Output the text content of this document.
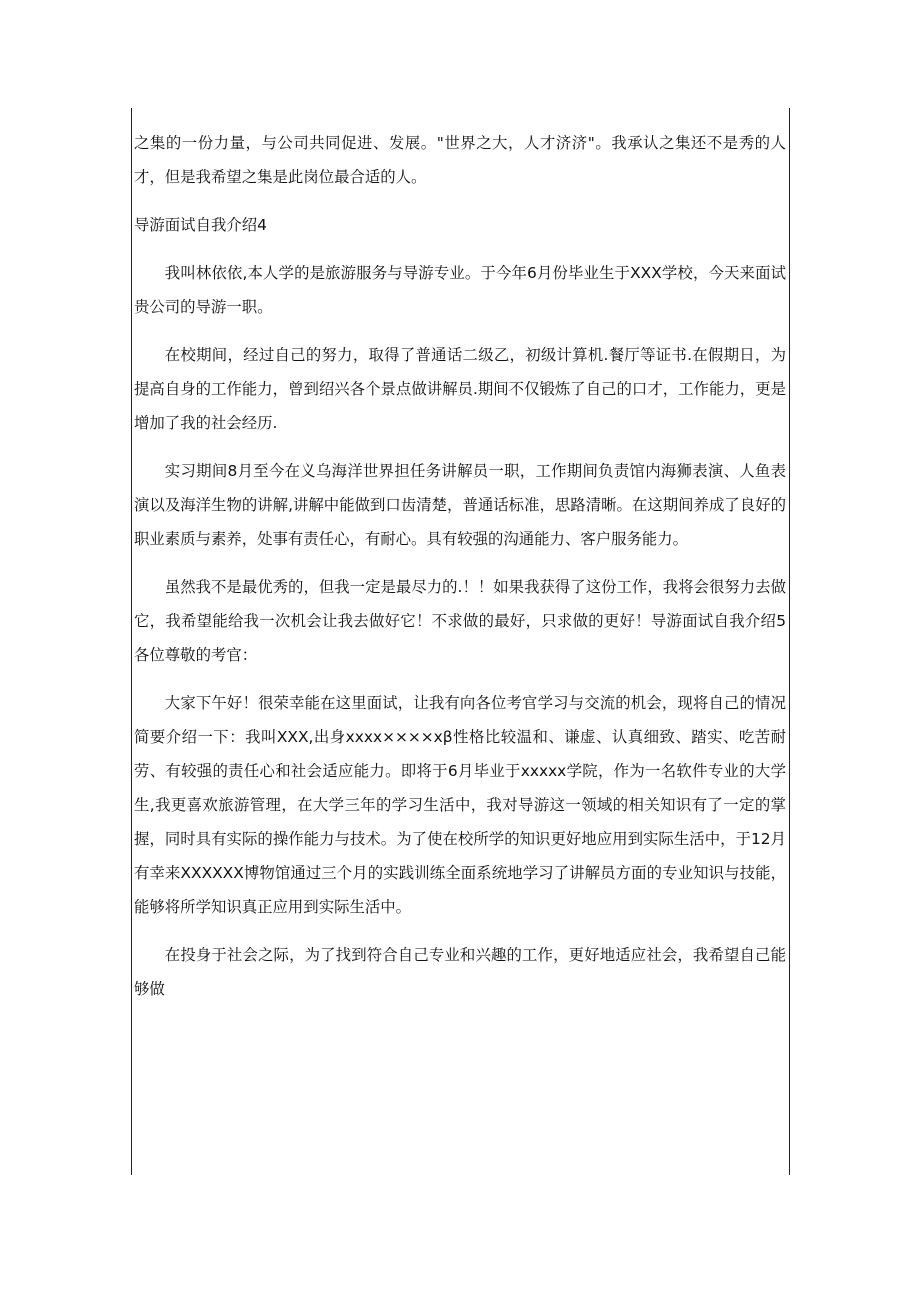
之集的一份力量，与公司共同促进、发展。"世界之大，人才济济"。我承认之集还不是秀的人才，但是我希望之集是此岗位最合适的人。

导游面试自我介绍4

我叫林依依,本人学的是旅游服务与导游专业。于今年6月份毕业生于XXX学校，今天来面试贵公司的导游一职。

在校期间，经过自己的努力，取得了普通话二级乙，初级计算机.餐厅等证书.在假期日，为提高自身的工作能力，曾到绍兴各个景点做讲解员.期间不仅锻炼了自己的口才，工作能力，更是增加了我的社会经历.

实习期间8月至今在义乌海洋世界担任务讲解员一职，工作期间负责馆内海狮表演、人鱼表演以及海洋生物的讲解,讲解中能做到口齿清楚，普通话标准，思路清晰。在这期间养成了良好的职业素质与素养，处事有责任心，有耐心。具有较强的沟通能力、客户服务能力。

虽然我不是最优秀的，但我一定是最尽力的.！！如果我获得了这份工作，我将会很努力去做它，我希望能给我一次机会让我去做好它！不求做的最好，只求做的更好！导游面试自我介绍5各位尊敬的考官：

大家下午好！很荣幸能在这里面试，让我有向各位考官学习与交流的机会，现将自己的情况简要介绍一下：我叫XXX,出身xxxx××××xβ性格比较温和、谦虚、认真细致、踏实、吃苦耐劳、有较强的责任心和社会适应能力。即将于6月毕业于xxxxx学院，作为一名软件专业的大学生,我更喜欢旅游管理，在大学三年的学习生活中，我对导游这一领域的相关知识有了一定的掌握，同时具有实际的操作能力与技术。为了使在校所学的知识更好地应用到实际生活中，于12月有幸来XXXXXX博物馆通过三个月的实践训练全面系统地学习了讲解员方面的专业知识与技能，能够将所学知识真正应用到实际生活中。

在投身于社会之际，为了找到符合自己专业和兴趣的工作，更好地适应社会，我希望自己能够做
